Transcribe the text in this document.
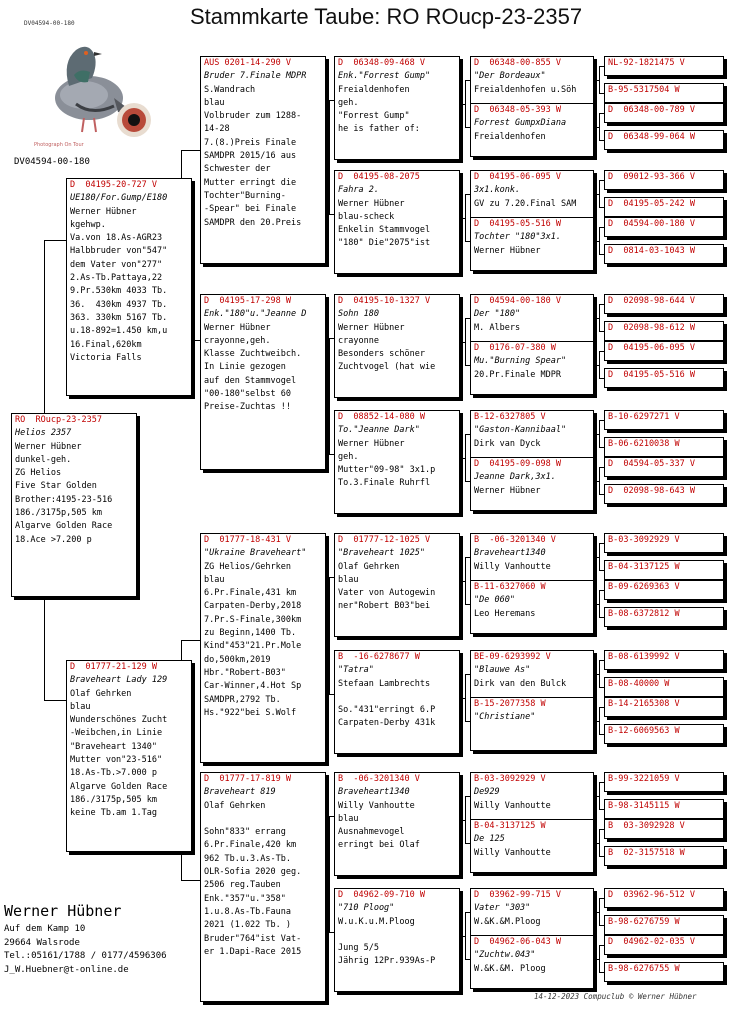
Stammkarte Taube: RO ROucp-23-2357
DV04594-00-180
Photograph On Tour
DV04594-00-180
RO  ROucp-23-2357
Helios 2357
Werner Hübner
dunkel-geh.
ZG Helios
Five Star Golden
Brother:4195-23-516
186./3175p,505 km
Algarve Golden Race
18.Ace >7.200 p
D  04195-20-727 V
UE180/For.Gump/E180
Werner Hübner
kgehwp.
Va.von 18.As-AGR23
Halbbruder von"547"
dem Vater von"277"
2.As-Tb.Pattaya,22
9.Pr.530km 4033 Tb.
36.  430km 4937 Tb.
363. 330km 5167 Tb.
u.18-892=1.450 km,u
16.Final,620km
Victoria Falls
D  01777-21-129 W
Braveheart Lady 129
Olaf Gehrken
blau
Wunderschönes Zucht
-Weibchen,in Linie
"Braveheart 1340"
Mutter von"23-516"
18.As-Tb.>7.000 p
Algarve Golden Race
186./3175p,505 km
keine Tb.am 1.Tag
AUS 0201-14-290 V
Bruder 7.Finale MDPR
S.Wandrach
blau
Volbruder zum 1288-
14-28
7.(8.)Preis Finale
SAMDPR 2015/16 aus
Schwester der
Mutter erringt die
Tochter"Burning-
-Spear" bei Finale
SAMDPR den 20.Preis
D  04195-17-298 W
Enk."180"u."Jeanne D
Werner Hübner
crayonne,geh.
Klasse Zuchtweibch.
In Linie gezogen
auf den Stammvogel
"00-180"selbst 60
Preise-Zuchtas !!
D  01777-18-431 V
"Ukraine Braveheart"
ZG Helios/Gehrken
blau
6.Pr.Finale,431 km
Carpaten-Derby,2018
7.Pr.S-Finale,300km
zu Beginn,1400 Tb.
Kind"453"21.Pr.Mole
do,500km,2019
Hbr."Robert-B03"
Car-Winner,4.Hot Sp
SAMDPR,2792 Tb.
Hs."922"bei S.Wolf
D  01777-17-819 W
Braveheart 819
Olaf Gehrken

Sohn"833" errang
6.Pr.Finale,420 km
962 Tb.u.3.As-Tb.
OLR-Sofia 2020 geg.
2506 reg.Tauben
Enk."357"u."358"
1.u.8.As-Tb.Fauna
2021 (1.022 Tb. )
Bruder"764"ist Vat-
er 1.Dapi-Race 2015
D  06348-09-468 V
Enk."Forrest Gump"
Freialdenhofen
geh.
"Forrest Gump"
he is father of:
D  04195-08-2075
Fahra 2.
Werner Hübner
blau-scheck
Enkelin Stammvogel
"180" Die"2075"ist
D  04195-10-1327 V
Sohn 180
Werner Hübner
crayonne
Besonders schöner
Zuchtvogel (hat wie
D  08852-14-080 W
To."Jeanne Dark"
Werner Hübner
geh.
Mutter"09-98" 3x1.p
To.3.Finale Ruhrfl
D  01777-12-1025 V
"Braveheart 1025"
Olaf Gehrken
blau
Vater von Autogewin
ner"Robert B03"bei
B  -16-6278677 W
"Tatra"
Stefaan Lambrechts

So."431"erringt 6.P
Carpaten-Derby 431k
B  -06-3201340 V
Braveheart1340
Willy Vanhoutte
blau
Ausnahmevogel
erringt bei Olaf
D  04962-09-710 W
"710 Ploog"
W.u.K.u.M.Ploog

Jung 5/5
Jährig 12Pr.939As-P
D  06348-00-855 V
"Der Bordeaux"
Freialdenhofen u.Söh
D  06348-05-393 W
Forrest GumpxDiana
Freialdenhofen
D  04195-06-095 V
3x1.konk.
GV zu 7.20.Final SAM
D  04195-05-516 W
Tochter "180"3x1.
Werner Hübner
D  04594-00-180 V
Der "180"
M. Albers
D  0176-07-380 W
Mu."Burning Spear"
20.Pr.Finale MDPR
B-12-6327805 V
"Gaston-Kannibaal"
Dirk van Dyck
D  04195-09-098 W
Jeanne Dark,3x1.
Werner Hübner
B  -06-3201340 V
Braveheart1340
Willy Vanhoutte
B-11-6327060 W
"De 060"
Leo Heremans
BE-09-6293992 V
"Blauwe As"
Dirk van den Bulck
B-15-2077358 W
"Christiane"
B-03-3092929 V
De929
Willy Vanhoutte
B-04-3137125 W
De 125
Willy Vanhoutte
D  03962-99-715 V
Vater "303"
W.&K.&M.Ploog
D  04962-06-043 W
"Zuchtw.043"
W.&K.&M. Ploog
NL-92-1821475 V
B-95-5317504 W
D  06348-00-789 V
D  06348-99-064 W
D  09012-93-366 V
D  04195-05-242 W
D  04594-00-180 V
D  0814-03-1043 W
D  02098-98-644 V
D  02098-98-612 W
D  04195-06-095 V
D  04195-05-516 W
B-10-6297271 V
B-06-6210038 W
D  04594-05-337 V
D  02098-98-643 W
B-03-3092929 V
B-04-3137125 W
B-09-6269363 V
B-08-6372812 W
B-08-6139992 V
B-08-40000 W
B-14-2165308 V
B-12-6069563 W
B-99-3221059 V
B-98-3145115 W
B  03-3092928 V
B  02-3157518 W
D  03962-96-512 V
B-98-6276759 W
D  04962-02-035 V
B-98-6276755 W
Werner Hübner
Auf dem Kamp 10
29664 Walsrode
Tel.:05161/1788 / 0177/4596306
J_W.Huebner@t-online.de
14-12-2023 Compuclub © Werner Hübner
